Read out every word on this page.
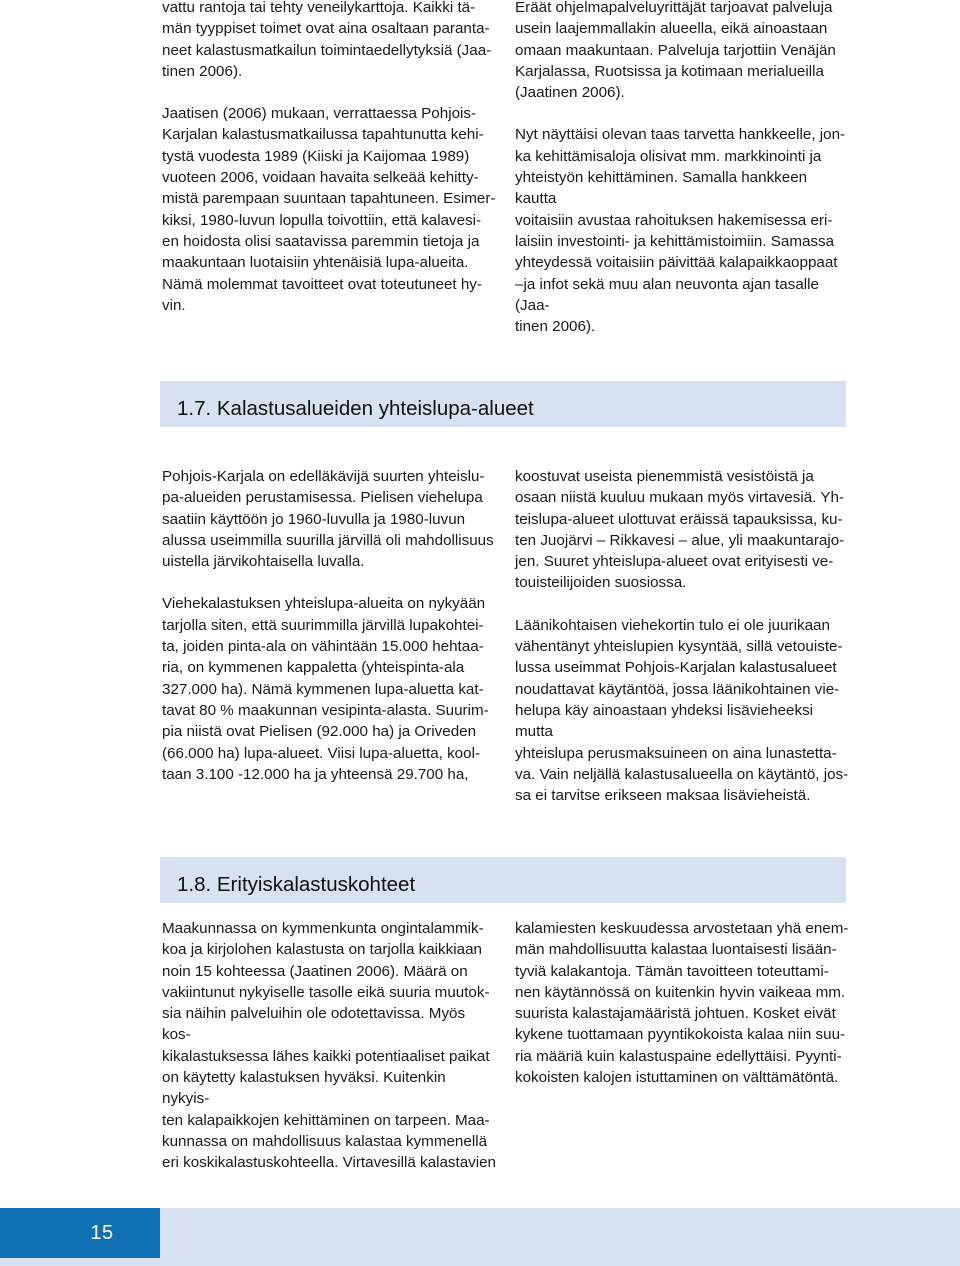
vattu rantoja tai tehty veneilykarttoja. Kaikki tä-
män tyyppiset toimet ovat aina osaltaan paranta-
neet kalastusmatkailun toimintaedellytyksiä (Jaa-
tinen 2006).

Jaatisen (2006) mukaan, verrattaessa Pohjois-
Karjalan kalastusmatkailussa tapahtunutta kehi-
tystä vuodesta 1989 (Kiiski ja Kaijomaa 1989)
vuoteen 2006, voidaan havaita selkeää kehitty-
mistä parempaan suuntaan tapahtuneen. Esimer-
kiksi, 1980-luvun lopulla toivottiin, että kalavesi-
en hoidosta olisi saatavissa paremmin tietoja ja
maakuntaan luotaisiin yhtenäisiä lupa-alueita.
Nämä molemmat tavoitteet ovat toteutuneet hy-
vin.

Eräät ohjelmapalveluyrittäjät tarjoavat palveluja
usein laajemmallakin alueella, eikä ainoastaan
omaan maakuntaan. Palveluja tarjottiin Venäjän
Karjalassa, Ruotsissa ja kotimaan merialueilla
(Jaatinen 2006).

Nyt näyttäisi olevan taas tarvetta hankkeelle, jon-
ka kehittämisaloja olisivat mm. markkinointi ja
yhteistyön kehittäminen. Samalla hankkeen kautta
voitaisiin avustaa rahoituksen hakemisessa eri-
laisiin investointi- ja kehittämistoimiin. Samassa
yhteydessä voitaisiin päivittää kalapaikkaoppaat
–ja infot sekä muu alan neuvonta ajan tasalle (Jaa-
tinen 2006).

1.7. Kalastusalueiden yhteislupa-alueet

Pohjois-Karjala on edelläkävijä suurten yhteislu-
pa-alueiden perustamisessa. Pielisen viehelupa
saatiin käyttöön jo 1960-luvulla ja 1980-luvun
alussa useimmilla suurilla järvillä oli mahdollisuus
uistella järvikohtaisella luvalla.

Viehekalastuksen yhteislupa-alueita on nykyään
tarjolla siten, että suurimmilla järvillä lupakohtei-
ta, joiden pinta-ala on vähintään 15.000 hehtaa-
ria, on kymmenen kappaletta (yhteispinta-ala
327.000 ha). Nämä kymmenen lupa-aluetta kat-
tavat 80 % maakunnan vesipinta-alasta. Suurim-
pia niistä ovat Pielisen (92.000 ha) ja Oriveden
(66.000 ha) lupa-alueet. Viisi lupa-aluetta, kool-
taan 3.100 -12.000 ha ja yhteensä 29.700 ha,

koostuvat useista pienemmistä vesistöistä ja
osaan niistä kuuluu mukaan myös virtavesiä. Yh-
teislupa-alueet ulottuvat eräissä tapauksissa, ku-
ten Juojärvi – Rikkavesi – alue, yli maakuntarajo-
jen. Suuret yhteislupa-alueet ovat erityisesti ve-
touisteilijoiden suosiossa.

Läänikohtaisen viehekortin tulo ei ole juurikaan
vähentänyt yhteislupien kysyntää, sillä vetouiste-
lussa useimmat Pohjois-Karjalan kalastusalueet
noudattavat käytäntöä, jossa läänikohtainen vie-
helupa käy ainoastaan yhdeksi lisävieheeksi mutta
yhteislupa perusmaksuineen on aina lunastetta-
va. Vain neljällä kalastusalueella on käytäntö, jos-
sa ei tarvitse erikseen maksaa lisävieheistä.

1.8. Erityiskalastuskohteet

Maakunnassa on kymmenkunta ongintalammik-
koa ja kirjolohen kalastusta on tarjolla kaikkiaan
noin 15 kohteessa (Jaatinen 2006). Määrä on
vakiintunut nykyiselle tasolle eikä suuria muutok-
sia näihin palveluihin ole odotettavissa. Myös kos-
kikalastuksessa lähes kaikki potentiaaliset paikat
on käytetty kalastuksen hyväksi. Kuitenkin nykyis-
ten kalapaikkojen kehittäminen on tarpeen. Maa-
kunnassa on mahdollisuus kalastaa kymmenellä
eri koskikalastuskohteella. Virtavesillä kalastavien

kalamiesten keskuudessa arvostetaan yhä enem-
män mahdollisuutta kalastaa luontaisesti lisään-
tyviä kalakantoja. Tämän tavoitteen toteuttami-
nen käytännössä on kuitenkin hyvin vaikeaa mm.
suurista kalastajamääristä johtuen. Kosket eivät
kykene tuottamaan pyyntikokoista kalaa niin suu-
ria määriä kuin kalastuspaine edellyttäisi. Pyynti-
kokoisten kalojen istuttaminen on välttämätöntä.

15
